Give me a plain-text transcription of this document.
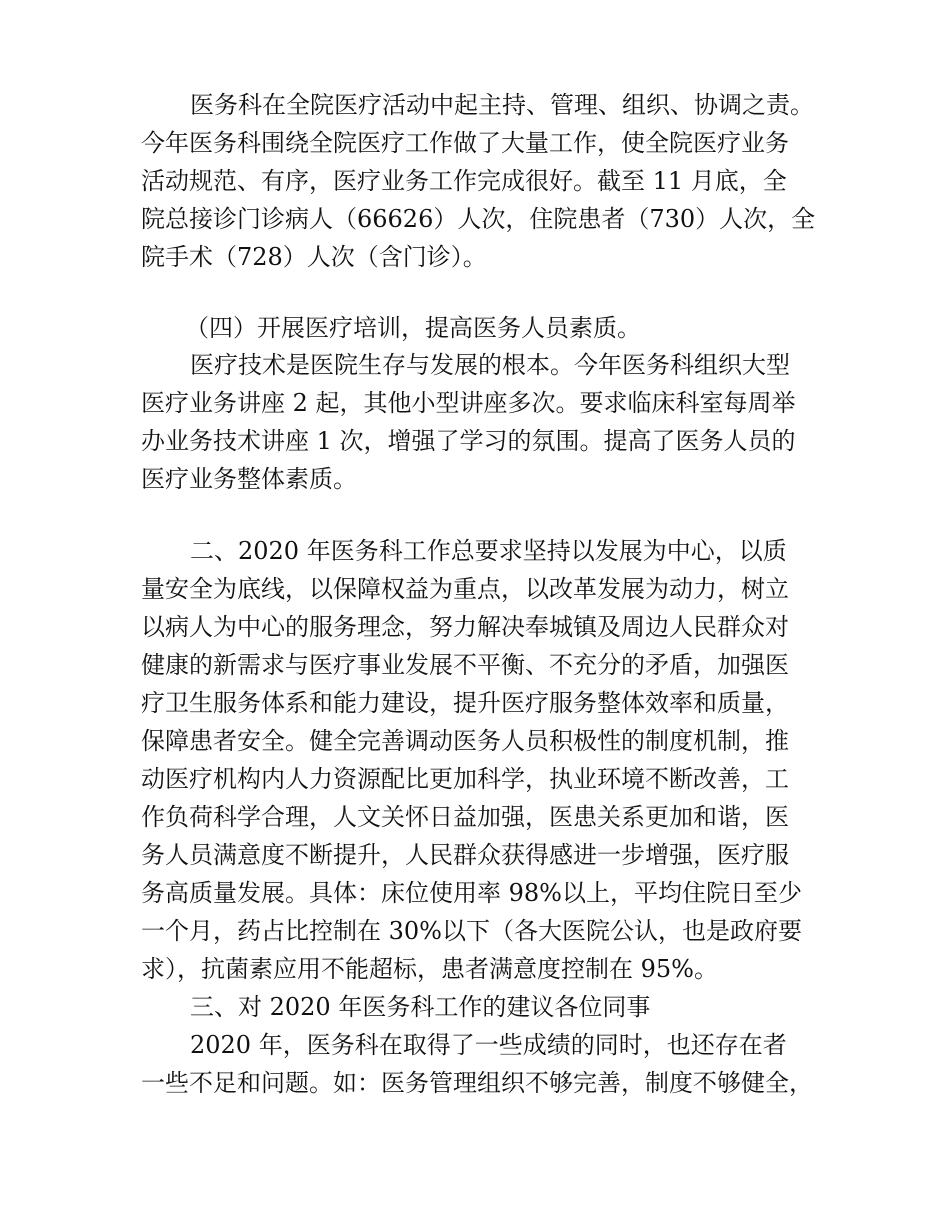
医务科在全院医疗活动中起主持、管理、组织、协调之责。
今年医务科围绕全院医疗工作做了大量工作，使全院医疗业务
活动规范、有序，医疗业务工作完成很好。截至 11 月底，全
院总接诊门诊病人（66626）人次，住院患者（730）人次，全
院手术（728）人次（含门诊）。
（四）开展医疗培训，提高医务人员素质。
医疗技术是医院生存与发展的根本。今年医务科组织大型
医疗业务讲座 2 起，其他小型讲座多次。要求临床科室每周举
办业务技术讲座 1 次，增强了学习的氛围。提高了医务人员的
医疗业务整体素质。
二、2020 年医务科工作总要求坚持以发展为中心，以质
量安全为底线，以保障权益为重点，以改革发展为动力，树立
以病人为中心的服务理念，努力解决奉城镇及周边人民群众对
健康的新需求与医疗事业发展不平衡、不充分的矛盾，加强医
疗卫生服务体系和能力建设，提升医疗服务整体效率和质量，
保障患者安全。健全完善调动医务人员积极性的制度机制，推
动医疗机构内人力资源配比更加科学，执业环境不断改善，工
作负荷科学合理，人文关怀日益加强，医患关系更加和谐，医
务人员满意度不断提升，人民群众获得感进一步增强，医疗服
务高质量发展。具体：床位使用率 98%以上，平均住院日至少
一个月，药占比控制在 30%以下（各大医院公认，也是政府要
求），抗菌素应用不能超标，患者满意度控制在 95%。
三、对 2020 年医务科工作的建议各位同事
2020 年，医务科在取得了一些成绩的同时，也还存在者
一些不足和问题。如：医务管理组织不够完善，制度不够健全，
